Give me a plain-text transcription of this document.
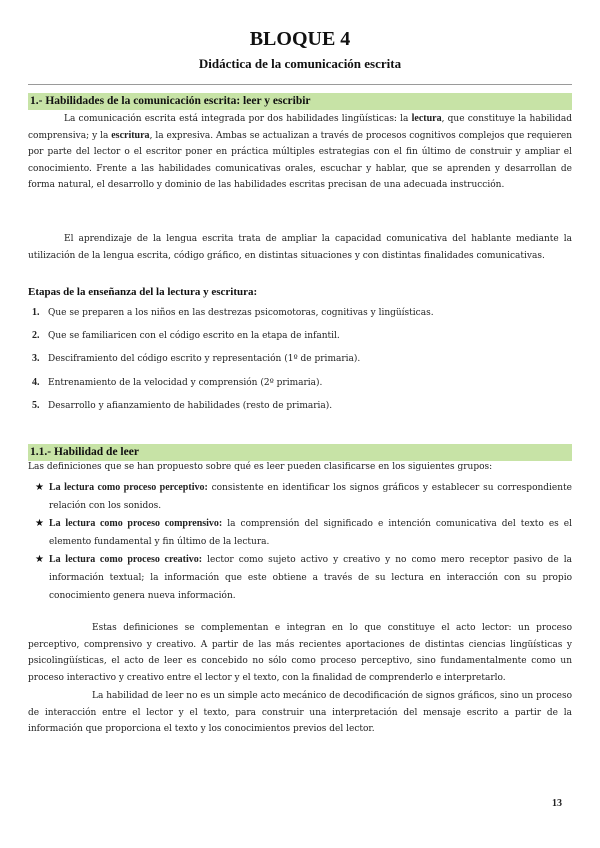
BLOQUE 4
Didáctica de la comunicación escrita
1.- Habilidades de la comunicación escrita: leer y escribir

La comunicación escrita está integrada por dos habilidades lingüísticas: la lectura, que constituye la habilidad comprensiva; y la escritura, la expresiva. Ambas se actualizan a través de procesos cognitivos complejos que requieren por parte del lector o el escritor poner en práctica múltiples estrategias con el fin último de construir y ampliar el conocimiento. Frente a las habilidades comunicativas orales, escuchar y hablar, que se aprenden y desarrollan de forma natural, el desarrollo y dominio de las habilidades escritas precisan de una adecuada instrucción.

El aprendizaje de la lengua escrita trata de ampliar la capacidad comunicativa del hablante mediante la utilización de la lengua escrita, código gráfico, en distintas situaciones y con distintas finalidades comunicativas.

Etapas de la enseñanza del la lectura y escritura:
1. Que se preparen a los niños en las destrezas psicomotoras, cognitivas y lingüísticas.
2. Que se familiaricen con el código escrito en la etapa de infantil.
3. Desciframiento del código escrito y representación (1º de primaria).
4. Entrenamiento de la velocidad y comprensión (2º primaria).
5. Desarrollo y afianzamiento de habilidades (resto de primaria).
1.1.- Habilidad de leer
Las definiciones que se han propuesto sobre qué es leer pueden clasificarse en los siguientes grupos:
★ La lectura como proceso perceptivo: consistente en identificar los signos gráficos y establecer su correspondiente relación con los sonidos.
★ La lectura como proceso comprensivo: la comprensión del significado e intención comunicativa del texto es el elemento fundamental y fin último de la lectura.
★ La lectura como proceso creativo: lector como sujeto activo y creativo y no como mero receptor pasivo de la información textual; la información que este obtiene a través de su lectura en interacción con su propio conocimiento genera nueva información.

Estas definiciones se complementan e integran en lo que constituye el acto lector: un proceso perceptivo, comprensivo y creativo. A partir de las más recientes aportaciones de distintas ciencias lingüísticas y psicolingüísticas, el acto de leer es concebido no sólo como proceso perceptivo, sino fundamentalmente como un proceso interactivo y creativo entre el lector y el texto, con la finalidad de comprenderlo e interpretarlo.

La habilidad de leer no es un simple acto mecánico de decodificación de signos gráficos, sino un proceso de interacción entre el lector y el texto, para construir una interpretación del mensaje escrito a partir de la información que proporciona el texto y los conocimientos previos del lector.

13
